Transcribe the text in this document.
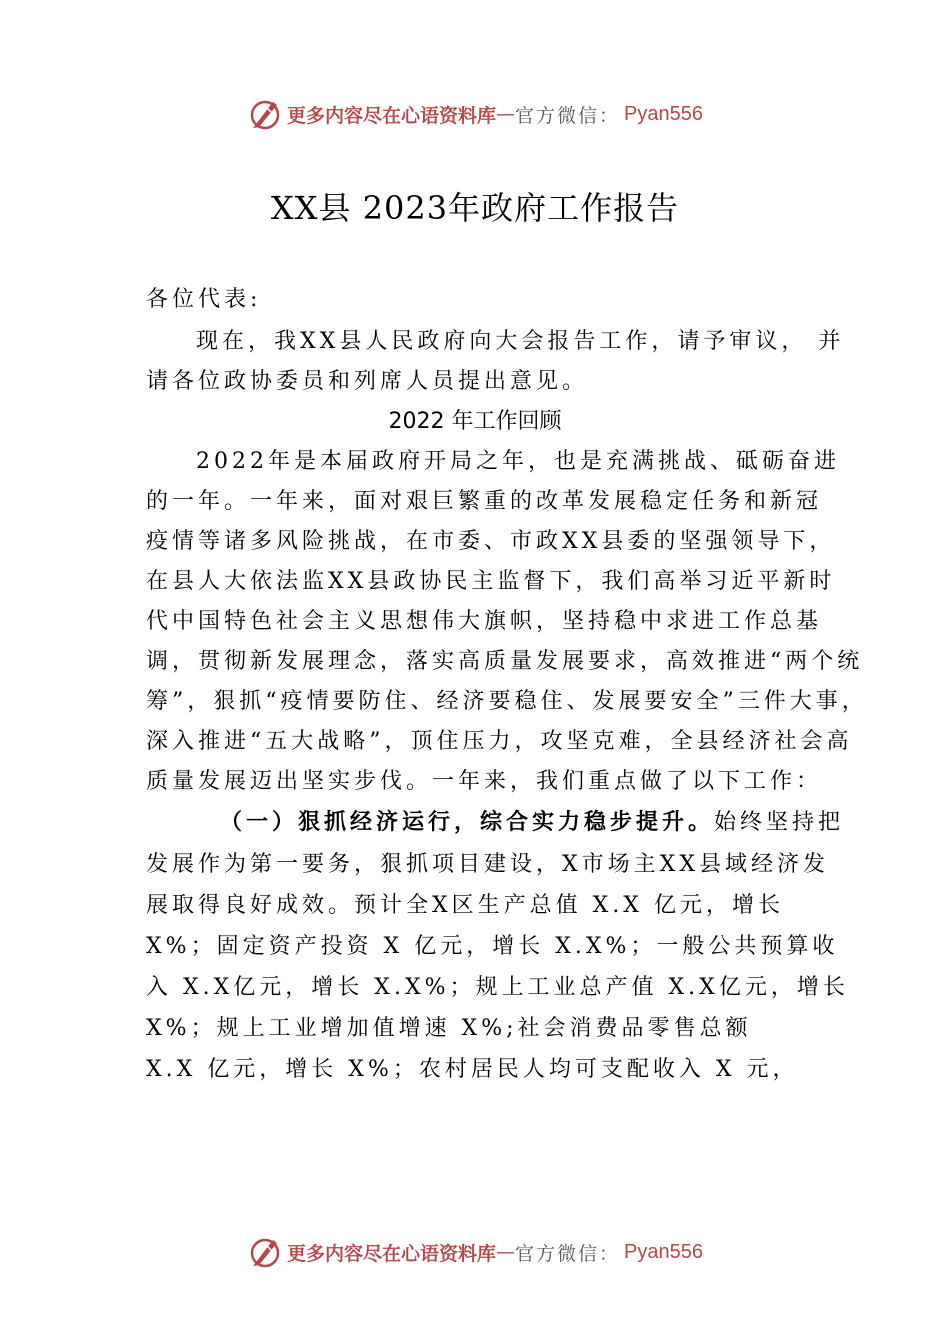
更多内容尽在心语资料库 — 官方微信： Pyan556
XX县 2023年政府工作报告
各位代表:
现在，我XX县人民政府向大会报告工作，请予审议， 并
请各位政协委员和列席人员提出意见。
2022 年工作回顾
2022年是本届政府开局之年，也是充满挑战、砥砺奋进
的一年。一年来，面对艰巨繁重的改革发展稳定任务和新冠
疫情等诸多风险挑战，在市委、市政XX县委的坚强领导下，
在县人大依法监XX县政协民主监督下，我们高举习近平新时
代中国特色社会主义思想伟大旗帜，坚持稳中求进工作总基
调，贯彻新发展理念，落实高质量发展要求，高效推进“两个统
筹”，狠抓“疫情要防住、经济要稳住、发展要安全”三件大事，
深入推进“五大战略”，顶住压力，攻坚克难，全县经济社会高
质量发展迈出坚实步伐。一年来，我们重点做了以下工作：
（一）狠抓经济运行，综合实力稳步提升。始终坚持把
发展作为第一要务，狠抓项目建设，X市场主XX县域经济发
展取得良好成效。预计全X区生产总值 X.X 亿元，增长
X%；固定资产投资 X 亿元，增长 X.X%；一般公共预算收
入 X.X亿元，增长 X.X%；规上工业总产值 X.X亿元，增长
X%；规上工业增加值增速 X%;社会消费品零售总额
X.X 亿元，增长 X%；农村居民人均可支配收入 X 元，
更多内容尽在心语资料库 — 官方微信： Pyan556
